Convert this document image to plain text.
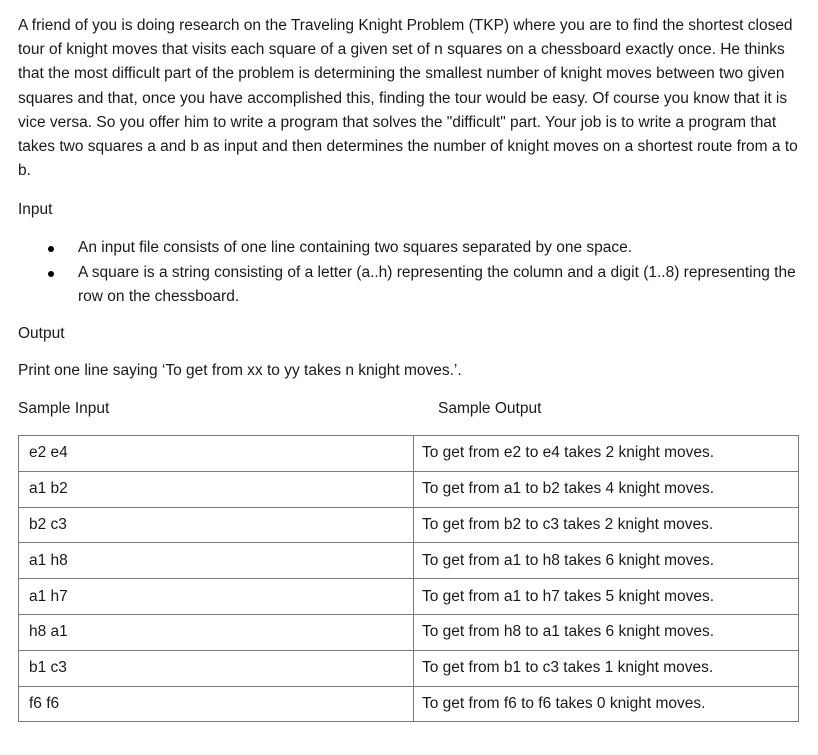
A friend of you is doing research on the Traveling Knight Problem (TKP) where you are to find the shortest closed tour of knight moves that visits each square of a given set of n squares on a chessboard exactly once. He thinks that the most difficult part of the problem is determining the smallest number of knight moves between two given squares and that, once you have accomplished this, finding the tour would be easy. Of course you know that it is vice versa. So you offer him to write a program that solves the "difficult" part. Your job is to write a program that takes two squares a and b as input and then determines the number of knight moves on a shortest route from a to b.

Input

An input file consists of one line containing two squares separated by one space.
A square is a string consisting of a letter (a..h) representing the column and a digit (1..8) representing the row on the chessboard.

Output

Print one line saying ‘To get from xx to yy takes n knight moves.’.

Sample Input	Sample Output

e2 e4	To get from e2 to e4 takes 2 knight moves.
a1 b2	To get from a1 to b2 takes 4 knight moves.
b2 c3	To get from b2 to c3 takes 2 knight moves.
a1 h8	To get from a1 to h8 takes 6 knight moves.
a1 h7	To get from a1 to h7 takes 5 knight moves.
h8 a1	To get from h8 to a1 takes 6 knight moves.
b1 c3	To get from b1 to c3 takes 1 knight moves.
f6 f6	To get from f6 to f6 takes 0 knight moves.
